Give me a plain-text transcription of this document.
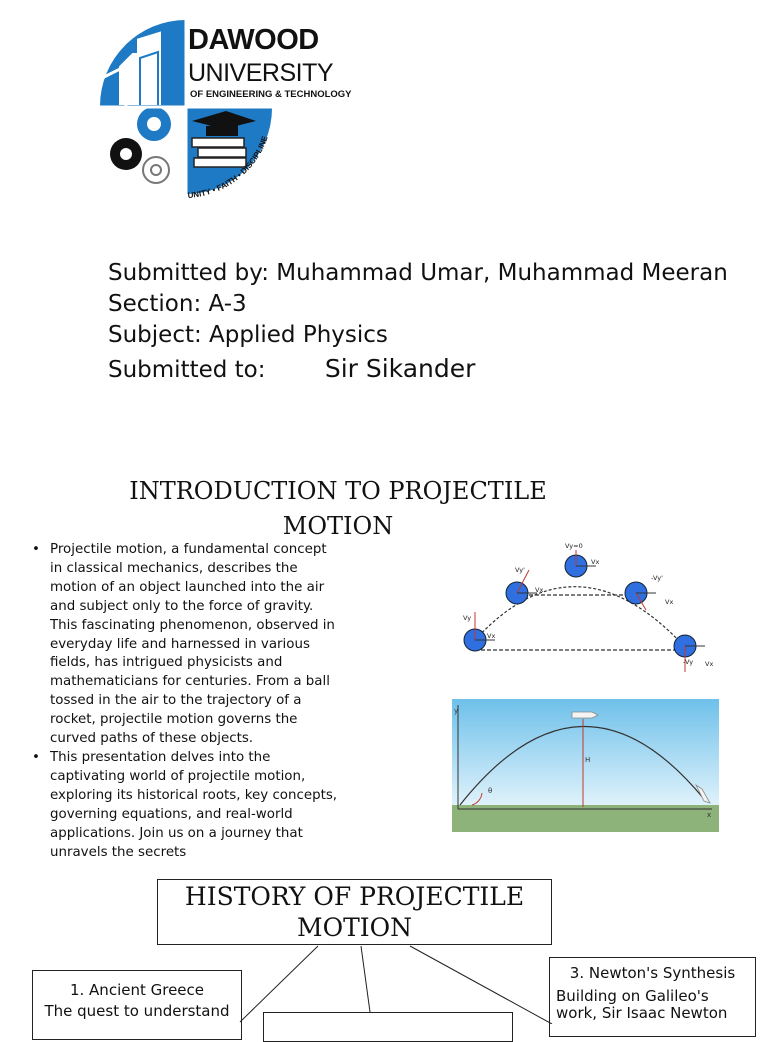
DAWOOD
UNIVERSITY
OF ENGINEERING & TECHNOLOGY
UNITY • FAITH • DISCIPLINE
Submitted by: Muhammad Umar, Muhammad Meeran
Section: A-3
Subject: Applied Physics
Submitted to: Sir Sikander
INTRODUCTION TO PROJECTILE MOTION
• Projectile motion, a fundamental concept in classical mechanics, describes the motion of an object launched into the air and subject only to the force of gravity. This fascinating phenomenon, observed in everyday life and harnessed in various fields, has intrigued physicists and mathematicians for centuries. From a ball tossed in the air to the trajectory of a rocket, projectile motion governs the curved paths of these objects.
• This presentation delves into the captivating world of projectile motion, exploring its historical roots, key concepts, governing equations, and real-world applications. Join us on a journey that unravels the secrets
Vy=0
Vx
Vy'
Vx
Vy
Vx
-Vy'
Vx
-Vy Vx
H
θ
y
x
HISTORY OF PROJECTILE MOTION
1. Ancient Greece
The quest to understand
3. Newton's Synthesis
Building on Galileo's work, Sir Isaac Newton
